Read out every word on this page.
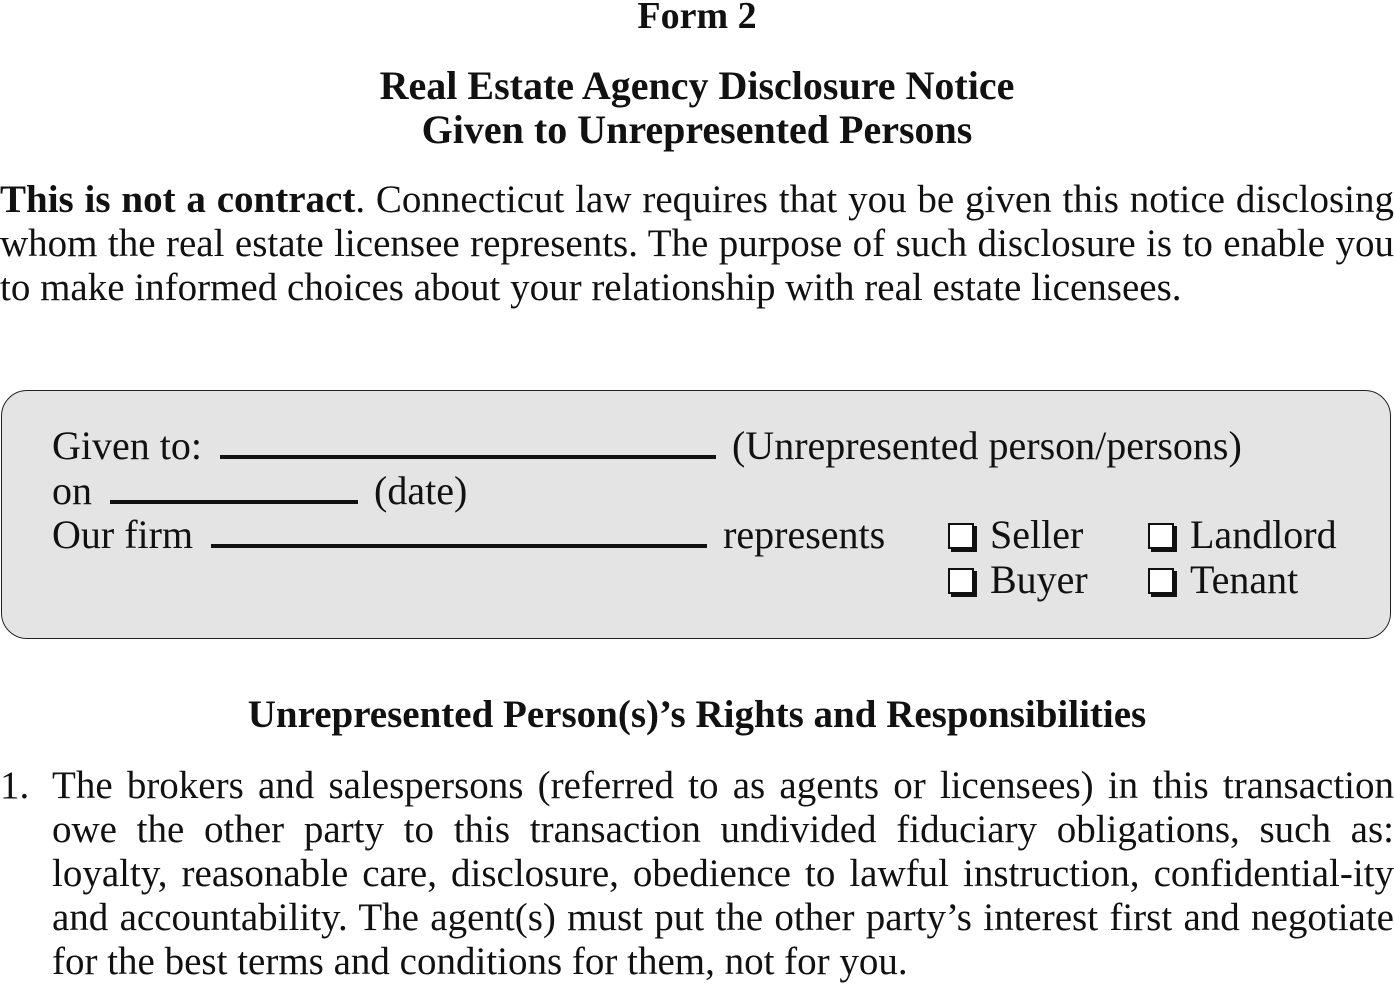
Form 2
Real Estate Agency Disclosure Notice
Given to Unrepresented Persons

This is not a contract. Connecticut law requires that you be given this notice disclosing whom the real estate licensee represents. The purpose of such disclosure is to enable you to make informed choices about your relationship with real estate licensees.

Given to:	(Unrepresented person/persons)
on	(date)
Our firm	represents	Seller	Landlord
Buyer	Tenant
Unrepresented Person(s)’s Rights and Responsibilities
1. The brokers and salespersons (referred to as agents or licensees) in this transaction owe the other party to this transaction undivided fiduciary obligations, such as: loyalty, reasonable care, disclosure, obedience to lawful instruction, confidential-ity and accountability. The agent(s) must put the other party’s interest first and negotiate for the best terms and conditions for them, not for you.
